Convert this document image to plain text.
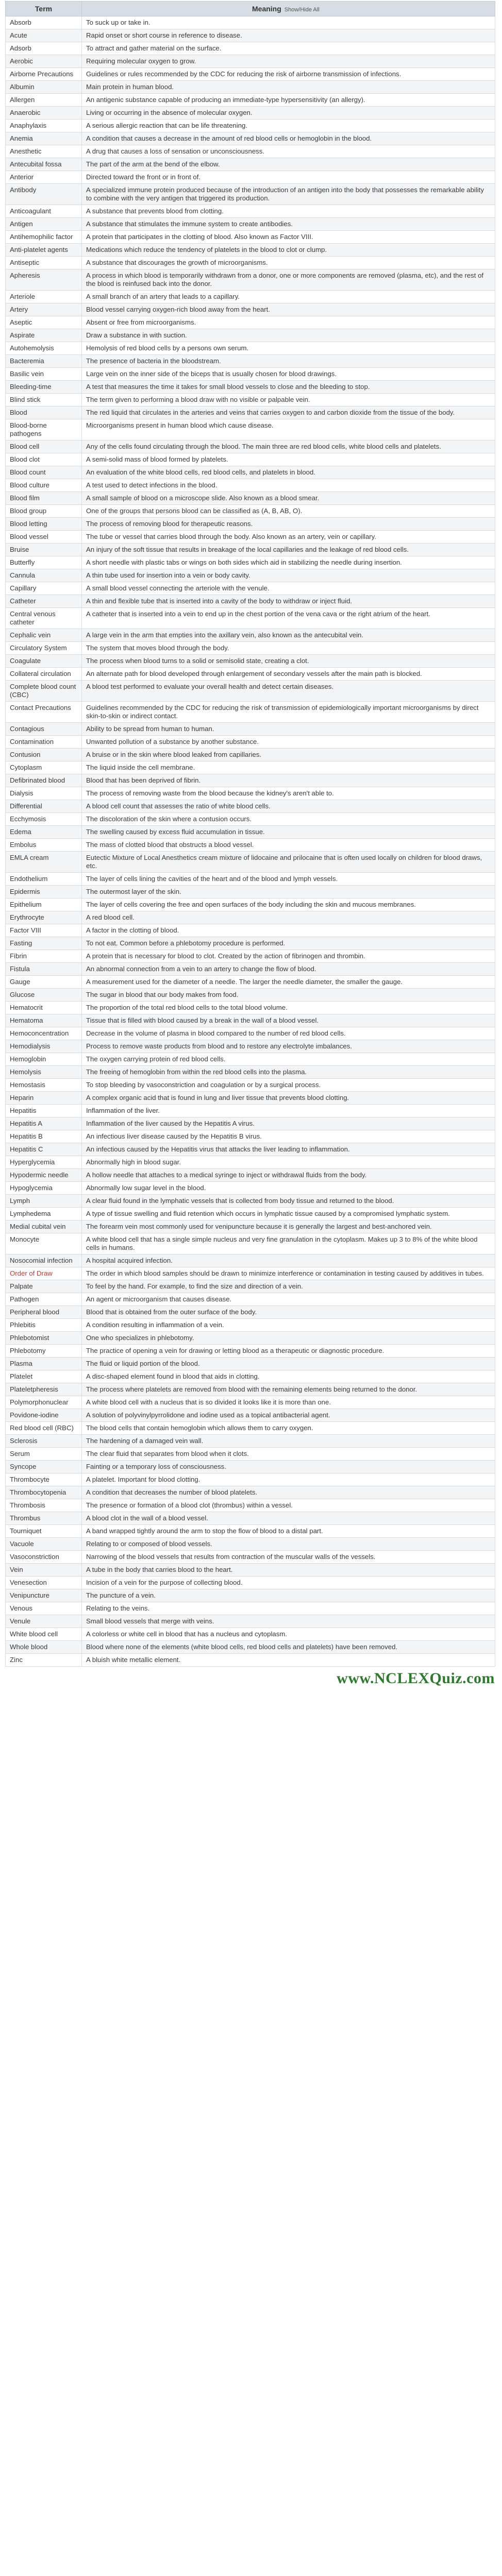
Term	Meaning Show/Hide All
Absorb	To suck up or take in.
Acute	Rapid onset or short course in reference to disease.
Adsorb	To attract and gather material on the surface.
Aerobic	Requiring molecular oxygen to grow.
Airborne Precautions	Guidelines or rules recommended by the CDC for reducing the risk of airborne transmission of infections.
Albumin	Main protein in human blood.
Allergen	An antigenic substance capable of producing an immediate-type hypersensitivity (an allergy).
Anaerobic	Living or occurring in the absence of molecular oxygen.
Anaphylaxis	A serious allergic reaction that can be life threatening.
Anemia	A condition that causes a decrease in the amount of red blood cells or hemoglobin in the blood.
Anesthetic	A drug that causes a loss of sensation or unconsciousness.
Antecubital fossa	The part of the arm at the bend of the elbow.
Anterior	Directed toward the front or in front of.
Antibody	A specialized immune protein produced because of the introduction of an antigen into the body that possesses the remarkable ability to combine with the very antigen that triggered its production.
Anticoagulant	A substance that prevents blood from clotting.
Antigen	A substance that stimulates the immune system to create antibodies.
Antihemophilic factor	A protein that participates in the clotting of blood. Also known as Factor VIII.
Anti-platelet agents	Medications which reduce the tendency of platelets in the blood to clot or clump.
Antiseptic	A substance that discourages the growth of microorganisms.
Apheresis	A process in which blood is temporarily withdrawn from a donor, one or more components are removed (plasma, etc), and the rest of the blood is reinfused back into the donor.
Arteriole	A small branch of an artery that leads to a capillary.
Artery	Blood vessel carrying oxygen-rich blood away from the heart.
Aseptic	Absent or free from microorganisms.
Aspirate	Draw a substance in with suction.
Autohemolysis	Hemolysis of red blood cells by a persons own serum.
Bacteremia	The presence of bacteria in the bloodstream.
Basilic vein	Large vein on the inner side of the biceps that is usually chosen for blood drawings.
Bleeding-time	A test that measures the time it takes for small blood vessels to close and the bleeding to stop.
Blind stick	The term given to performing a blood draw with no visible or palpable vein.
Blood	The red liquid that circulates in the arteries and veins that carries oxygen to and carbon dioxide from the tissue of the body.
Blood-borne pathogens	Microorganisms present in human blood which cause disease.
Blood cell	Any of the cells found circulating through the blood. The main three are red blood cells, white blood cells and platelets.
Blood clot	A semi-solid mass of blood formed by platelets.
Blood count	An evaluation of the white blood cells, red blood cells, and platelets in blood.
Blood culture	A test used to detect infections in the blood.
Blood film	A small sample of blood on a microscope slide. Also known as a blood smear.
Blood group	One of the groups that persons blood can be classified as (A, B, AB, O).
Blood letting	The process of removing blood for therapeutic reasons.
Blood vessel	The tube or vessel that carries blood through the body. Also known as an artery, vein or capillary.
Bruise	An injury of the soft tissue that results in breakage of the local capillaries and the leakage of red blood cells.
Butterfly	A short needle with plastic tabs or wings on both sides which aid in stabilizing the needle during insertion.
Cannula	A thin tube used for insertion into a vein or body cavity.
Capillary	A small blood vessel connecting the arteriole with the venule.
Catheter	A thin and flexible tube that is inserted into a cavity of the body to withdraw or inject fluid.
Central venous catheter	A catheter that is inserted into a vein to end up in the chest portion of the vena cava or the right atrium of the heart.
Cephalic vein	A large vein in the arm that empties into the axillary vein, also known as the antecubital vein.
Circulatory System	The system that moves blood through the body.
Coagulate	The process when blood turns to a solid or semisolid state, creating a clot.
Collateral circulation	An alternate path for blood developed through enlargement of secondary vessels after the main path is blocked.
Complete blood count (CBC)	A blood test performed to evaluate your overall health and detect certain diseases.
Contact Precautions	Guidelines recommended by the CDC for reducing the risk of transmission of epidemiologically important microorganisms by direct skin-to-skin or indirect contact.
Contagious	Ability to be spread from human to human.
Contamination	Unwanted pollution of a substance by another substance.
Contusion	A bruise or in the skin where blood leaked from capillaries.
Cytoplasm	The liquid inside the cell membrane.
Defibrinated blood	Blood that has been deprived of fibrin.
Dialysis	The process of removing waste from the blood because the kidney's aren't able to.
Differential	A blood cell count that assesses the ratio of white blood cells.
Ecchymosis	The discoloration of the skin where a contusion occurs.
Edema	The swelling caused by excess fluid accumulation in tissue.
Embolus	The mass of clotted blood that obstructs a blood vessel.
EMLA cream	Eutectic Mixture of Local Anesthetics cream mixture of lidocaine and prilocaine that is often used locally on children for blood draws, etc.
Endothelium	The layer of cells lining the cavities of the heart and of the blood and lymph vessels.
Epidermis	The outermost layer of the skin.
Epithelium	The layer of cells covering the free and open surfaces of the body including the skin and mucous membranes.
Erythrocyte	A red blood cell.
Factor VIII	A factor in the clotting of blood.
Fasting	To not eat. Common before a phlebotomy procedure is performed.
Fibrin	A protein that is necessary for blood to clot. Created by the action of fibrinogen and thrombin.
Fistula	An abnormal connection from a vein to an artery to change the flow of blood.
Gauge	A measurement used for the diameter of a needle. The larger the needle diameter, the smaller the gauge.
Glucose	The sugar in blood that our body makes from food.
Hematocrit	The proportion of the total red blood cells to the total blood volume.
Hematoma	Tissue that is filled with blood caused by a break in the wall of a blood vessel.
Hemoconcentration	Decrease in the volume of plasma in blood compared to the number of red blood cells.
Hemodialysis	Process to remove waste products from blood and to restore any electrolyte imbalances.
Hemoglobin	The oxygen carrying protein of red blood cells.
Hemolysis	The freeing of hemoglobin from within the red blood cells into the plasma.
Hemostasis	To stop bleeding by vasoconstriction and coagulation or by a surgical process.
Heparin	A complex organic acid that is found in lung and liver tissue that prevents blood clotting.
Hepatitis	Inflammation of the liver.
Hepatitis A	Inflammation of the liver caused by the Hepatitis A virus.
Hepatitis B	An infectious liver disease caused by the Hepatitis B virus.
Hepatitis C	An infectious caused by the Hepatitis virus that attacks the liver leading to inflammation.
Hyperglycemia	Abnormally high in blood sugar.
Hypodermic needle	A hollow needle that attaches to a medical syringe to inject or withdrawal fluids from the body.
Hypoglycemia	Abnormally low sugar level in the blood.
Lymph	A clear fluid found in the lymphatic vessels that is collected from body tissue and returned to the blood.
Lymphedema	A type of tissue swelling and fluid retention which occurs in lymphatic tissue caused by a compromised lymphatic system.
Medial cubital vein	The forearm vein most commonly used for venipuncture because it is generally the largest and best-anchored vein.
Monocyte	A white blood cell that has a single simple nucleus and very fine granulation in the cytoplasm. Makes up 3 to 8% of the white blood cells in humans.
Nosocomial infection	A hospital acquired infection.
Order of Draw	The order in which blood samples should be drawn to minimize interference or contamination in testing caused by additives in tubes.
Palpate	To feel by the hand. For example, to find the size and direction of a vein.
Pathogen	An agent or microorganism that causes disease.
Peripheral blood	Blood that is obtained from the outer surface of the body.
Phlebitis	A condition resulting in inflammation of a vein.
Phlebotomist	One who specializes in phlebotomy.
Phlebotomy	The practice of opening a vein for drawing or letting blood as a therapeutic or diagnostic procedure.
Plasma	The fluid or liquid portion of the blood.
Platelet	A disc-shaped element found in blood that aids in clotting.
Plateletpheresis	The process where platelets are removed from blood with the remaining elements being returned to the donor.
Polymorphonuclear	A white blood cell with a nucleus that is so divided it looks like it is more than one.
Povidone-iodine	A solution of polyvinylpyrrolidone and iodine used as a topical antibacterial agent.
Red blood cell (RBC)	The blood cells that contain hemoglobin which allows them to carry oxygen.
Sclerosis	The hardening of a damaged vein wall.
Serum	The clear fluid that separates from blood when it clots.
Syncope	Fainting or a temporary loss of consciousness.
Thrombocyte	A platelet. Important for blood clotting.
Thrombocytopenia	A condition that decreases the number of blood platelets.
Thrombosis	The presence or formation of a blood clot (thrombus) within a vessel.
Thrombus	A blood clot in the wall of a blood vessel.
Tourniquet	A band wrapped tightly around the arm to stop the flow of blood to a distal part.
Vacuole	Relating to or composed of blood vessels.
Vasoconstriction	Narrowing of the blood vessels that results from contraction of the muscular walls of the vessels.
Vein	A tube in the body that carries blood to the heart.
Venesection	Incision of a vein for the purpose of collecting blood.
Venipuncture	The puncture of a vein.
Venous	Relating to the veins.
Venule	Small blood vessels that merge with veins.
White blood cell	A colorless or white cell in blood that has a nucleus and cytoplasm.
Whole blood	Blood where none of the elements (white blood cells, red blood cells and platelets) have been removed.
Zinc	A bluish white metallic element.
www.NCLEXQuiz.com
